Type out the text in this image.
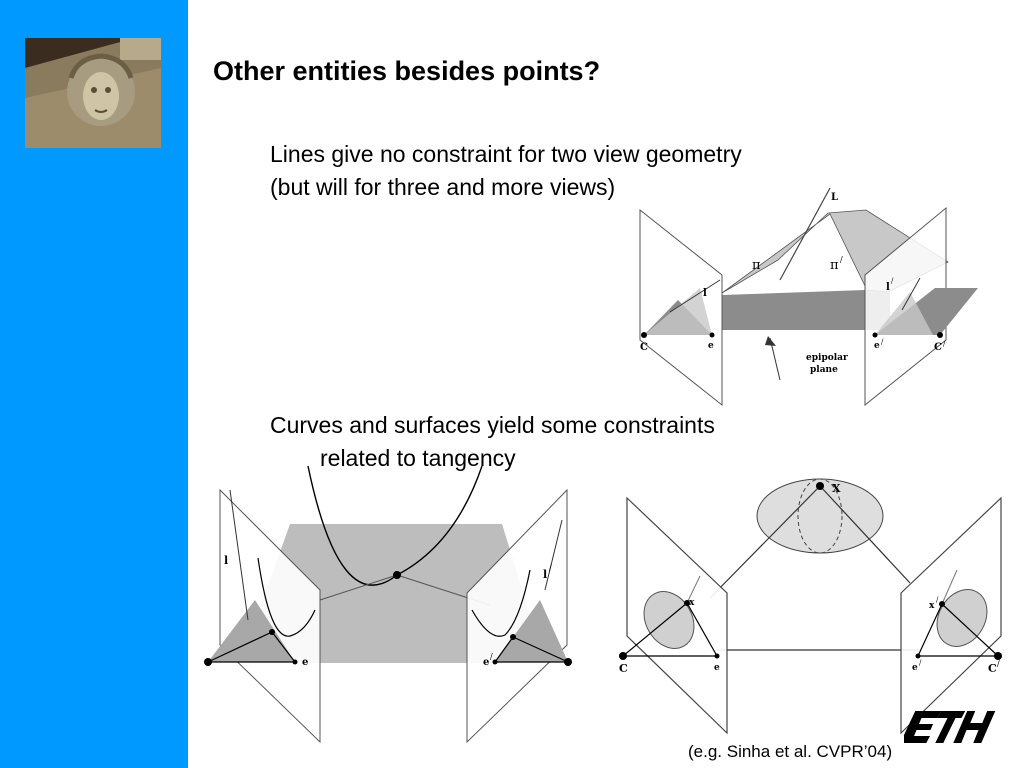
Other entities besides points?
Lines give no constraint for two view geometry
(but will for three and more views)
Curves and surfaces yield some constraints
related to tangency
L
π	π /
l
l
/
C	e	e /	C /
epipolar
plane
l
l
/
e	e
/
X
x	x
/
C	e	e /	C /
(e.g. Sinha et al. CVPR’04)
